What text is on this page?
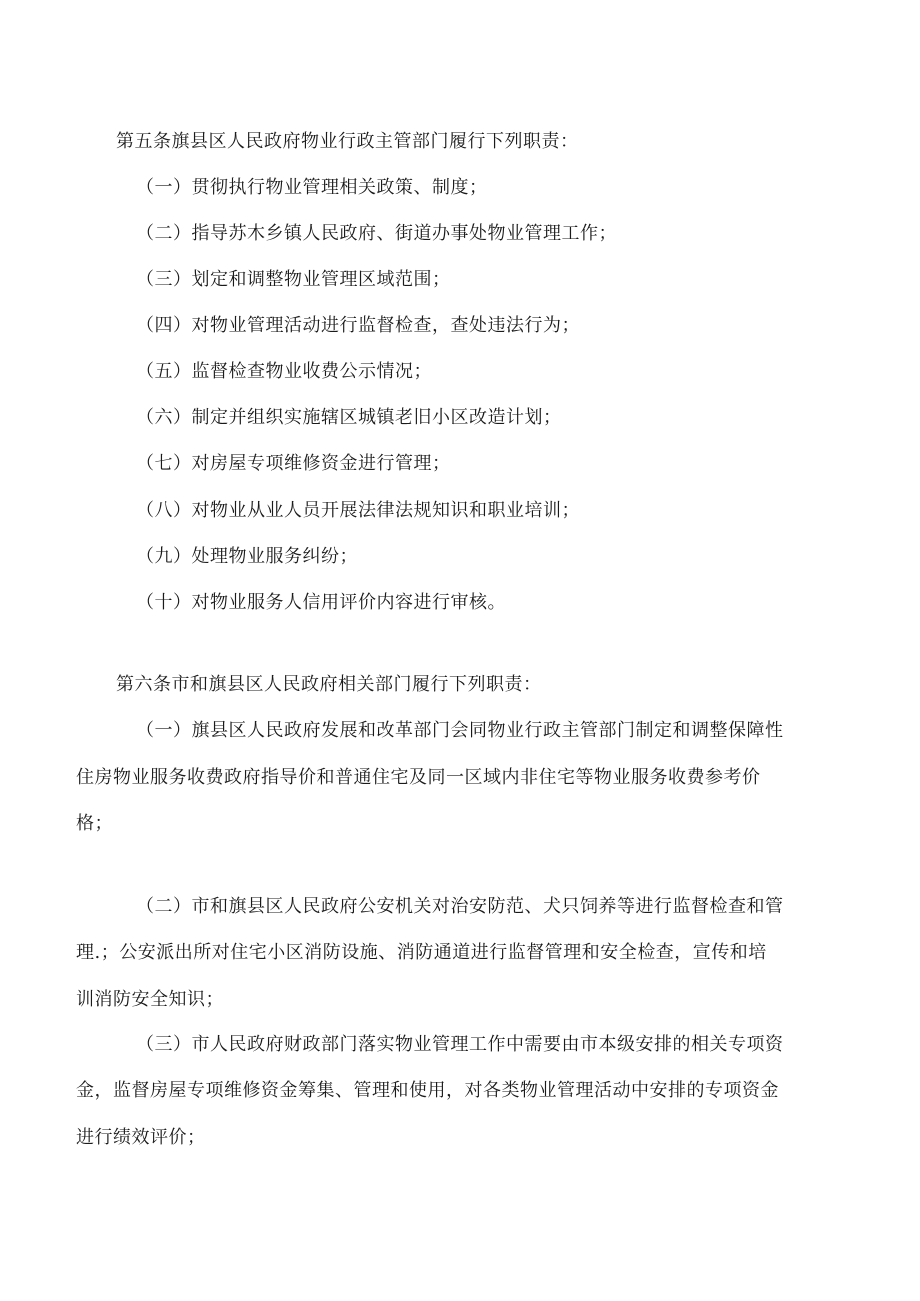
第五条旗县区人民政府物业行政主管部门履行下列职责：
（一）贯彻执行物业管理相关政策、制度；
（二）指导苏木乡镇人民政府、街道办事处物业管理工作；
（三）划定和调整物业管理区域范围；
（四）对物业管理活动进行监督检查，查处违法行为；
（五）监督检查物业收费公示情况；
（六）制定并组织实施辖区城镇老旧小区改造计划；
（七）对房屋专项维修资金进行管理；
（八）对物业从业人员开展法律法规知识和职业培训；
（九）处理物业服务纠纷；
（十）对物业服务人信用评价内容进行审核。
第六条市和旗县区人民政府相关部门履行下列职责：
（一）旗县区人民政府发展和改革部门会同物业行政主管部门制定和调整保障性
住房物业服务收费政府指导价和普通住宅及同一区域内非住宅等物业服务收费参考价
格；
（二）市和旗县区人民政府公安机关对治安防范、犬只饲养等进行监督检查和管
理.；公安派出所对住宅小区消防设施、消防通道进行监督管理和安全检查，宣传和培
训消防安全知识；
（三）市人民政府财政部门落实物业管理工作中需要由市本级安排的相关专项资
金，监督房屋专项维修资金筹集、管理和使用，对各类物业管理活动中安排的专项资金
进行绩效评价；
